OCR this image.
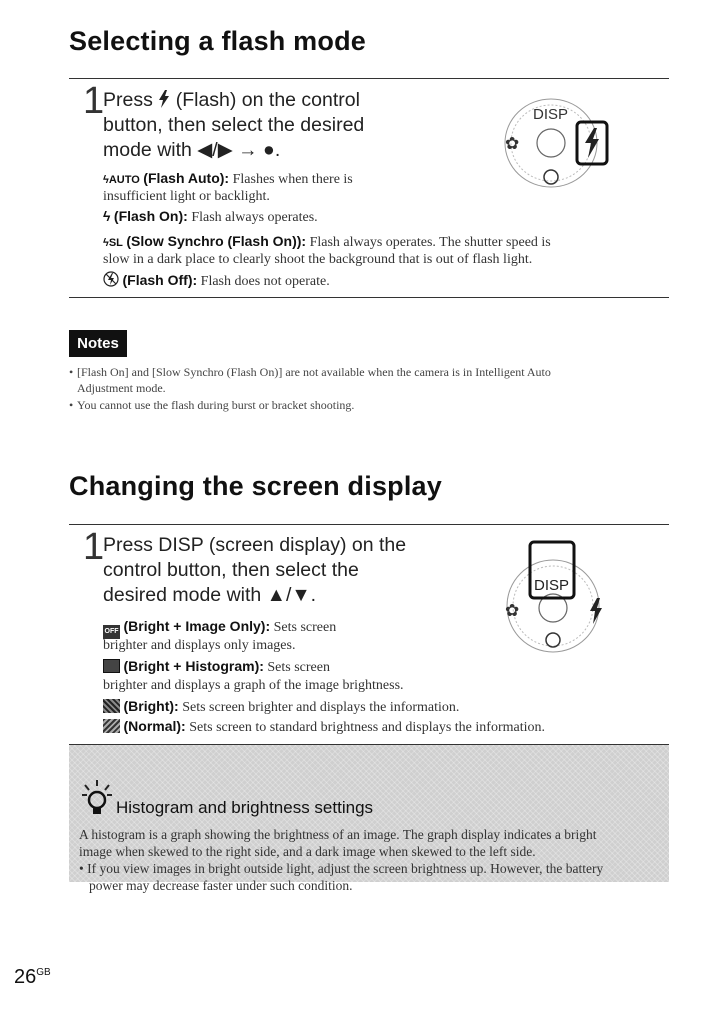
Selecting a flash mode
1
Press (Flash) on the control
button, then select the desired
mode with ◀/▶ → ●.
DISP
✿
ϟAUTO (Flash Auto): Flashes when there is
insufficient light or backlight.
ϟ (Flash On): Flash always operates.
ϟSL (Slow Synchro (Flash On)): Flash always operates. The shutter speed is
slow in a dark place to clearly shoot the background that is out of flash light.
(Flash Off): Flash does not operate.
Notes
• [Flash On] and [Slow Synchro (Flash On)] are not available when the camera is in Intelligent Auto
Adjustment mode.
• You cannot use the flash during burst or bracket shooting.
Changing the screen display
1
Press DISP (screen display) on the
control button, then select the
desired mode with ▲/▼.	DISP
✿
OFF (Bright + Image Only): Sets screen
brighter and displays only images.
(Bright + Histogram): Sets screen
brighter and displays a graph of the image brightness.
(Bright): Sets screen brighter and displays the information.
(Normal): Sets screen to standard brightness and displays the information.
Histogram and brightness settings
A histogram is a graph showing the brightness of an image. The graph display indicates a bright
image when skewed to the right side, and a dark image when skewed to the left side.
• If you view images in bright outside light, adjust the screen brightness up. However, the battery
power may decrease faster under such condition.
$26^{GB}$
